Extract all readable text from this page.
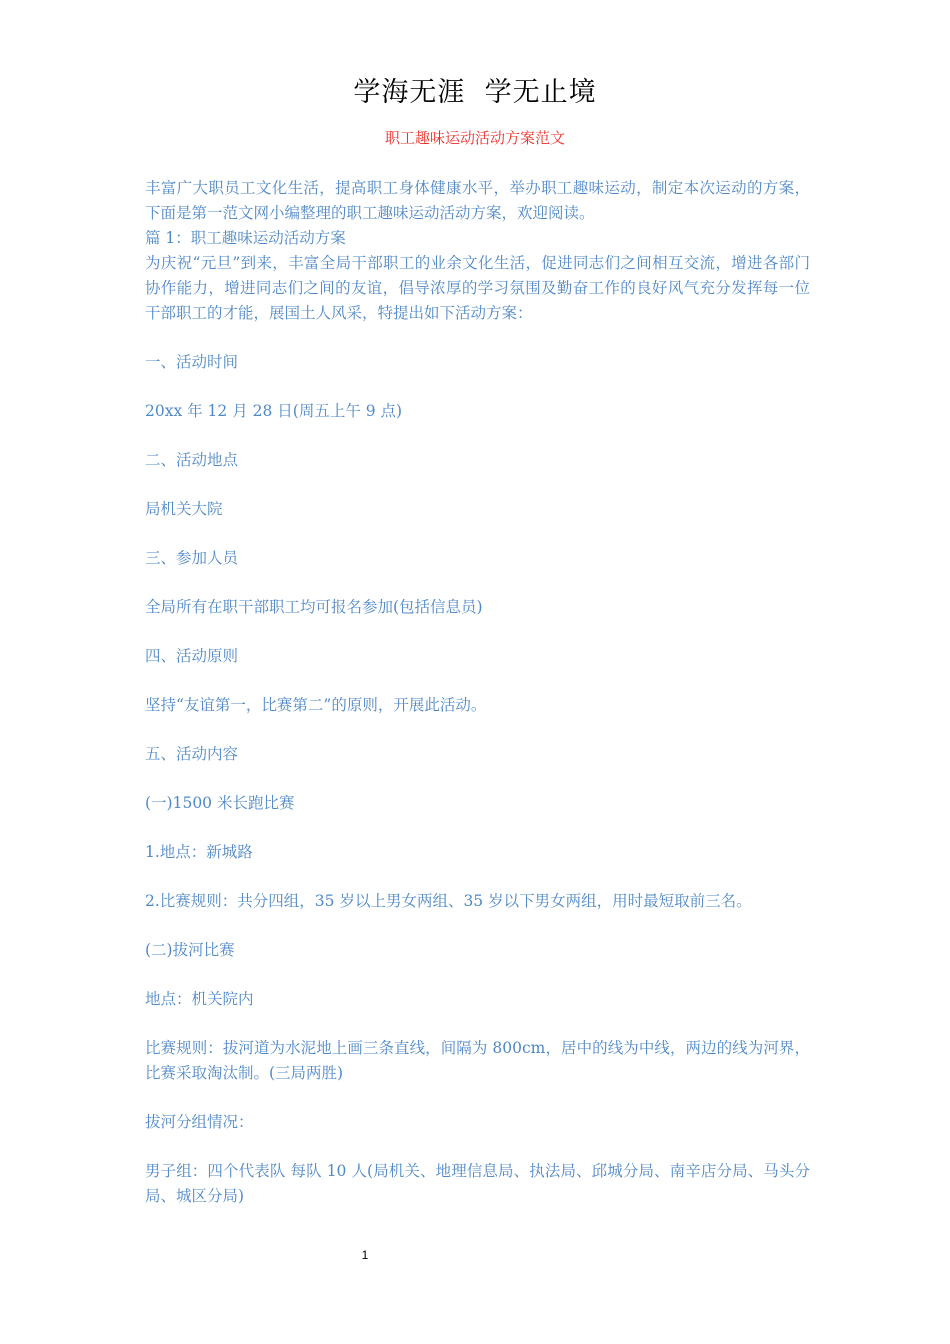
学海无涯  学无止境
职工趣味运动活动方案范文

丰富广大职员工文化生活，提高职工身体健康水平，举办职工趣味运动，制定本次运动的方案，下面是第一范文网小编整理的职工趣味运动活动方案，欢迎阅读。

篇 1：职工趣味运动活动方案

为庆祝“元旦”到来，丰富全局干部职工的业余文化生活，促进同志们之间相互交流，增进各部门协作能力，增进同志们之间的友谊，倡导浓厚的学习氛围及勤奋工作的良好风气充分发挥每一位干部职工的才能，展国土人风采，特提出如下活动方案：

一、活动时间

20xx 年 12 月 28 日(周五上午 9 点)

二、活动地点

局机关大院

三、参加人员

全局所有在职干部职工均可报名参加(包括信息员)

四、活动原则

坚持“友谊第一，比赛第二”的原则，开展此活动。

五、活动内容

(一)1500 米长跑比赛

1.地点：新城路

2.比赛规则：共分四组，35 岁以上男女两组、35 岁以下男女两组，用时最短取前三名。

(二)拔河比赛

地点：机关院内

比赛规则：拔河道为水泥地上画三条直线，间隔为 800cm，居中的线为中线，两边的线为河界，比赛采取淘汰制。(三局两胜)

拔河分组情况：

男子组：四个代表队 每队 10 人(局机关、地理信息局、执法局、邱城分局、南辛店分局、马头分局、城区分局)

1
